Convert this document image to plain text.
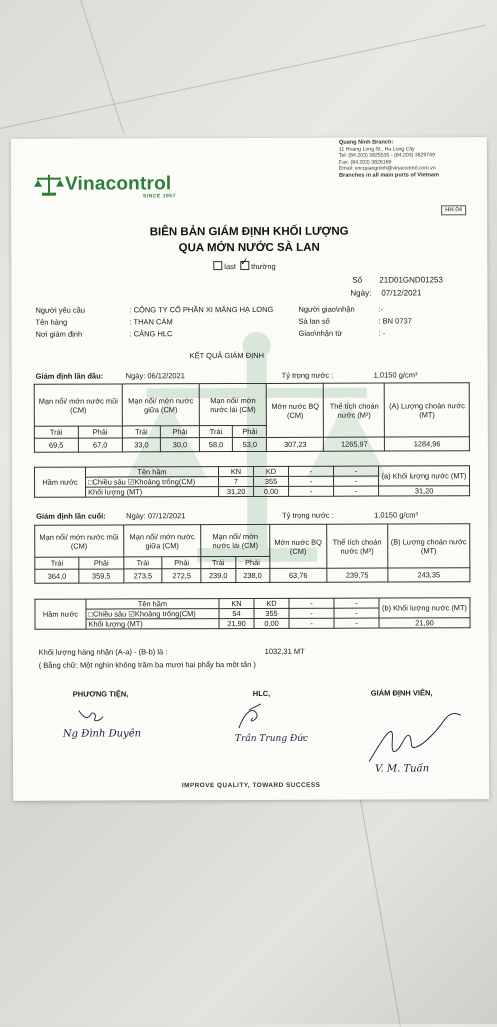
Vinacontrol
SINCE 1957
Quang Ninh Branch:
11 Hoang Long St., Ha Long City
Tel: (84.203) 3825535 - (84.203) 3629749
Fax: (84.203) 3826169
Email: vncquangninh@vinacontrol.com.vn
Branches in all main ports of Vietnam
HH.04
BIÊN BẢN GIÁM ĐỊNH KHỐI LƯỢNG
QUA MỚN NƯỚC SÀ LAN
last ✓ thường
Số 21D01GND01253
Ngày: 07/12/2021
Người yêu cầu	: CÔNG TY CỔ PHẦN XI MĂNG HẠ LONG	Người giao\nhận	:-
Tên hàng	: THAN CÁM	Sà lan số	: BN 0737
Nơi giám định	: CẢNG HLC	Giao\nhận từ	: -
KẾT QUẢ GIÁM ĐỊNH
Giám định lần đầu:	Ngày: 06/12/2021	Tỷ trọng nước :	1,0150 g/cm³
Mạn nổi/ mớn nước mũi (CM)		Mạn nổi/ mớn nước giữa (CM)		Mạn nổi/ mớn nước lái (CM)		Mớn nước BQ (CM)	Thể tích choán nước (M³)	(A) Lượng choán nước (MT)
Trái	Phải	Trái	Phải	Trái	Phải			
69,5	67,0	33,0	30,0	58,0	53,0	307,23	1265,97	1284,96
Hầm nước	Tên hầm	KN	KD	-	-	(a) Khối lượng nước (MT)
	□Chiều sâu ☑Khoảng trống(CM)	7	355	-	-	
	Khối lượng (MT)	31,20	0,00	-	-	31,20
Giám định lần cuối:	Ngày: 07/12/2021	Tỷ trọng nước :	1,0150 g/cm³
Mạn nổi/ mớn nước mũi (CM)		Mạn nổi/ mớn nước giữa (CM)		Mạn nổi/ mớn nước lái (CM)		Mớn nước BQ (CM)	Thể tích choán nước (M³)	(B) Lượng choán nước (MT)
Trái	Phải	Trái	Phải	Trái	Phải			
364,0	359,5	273,5	272,5	239,0	238,0	63,76	239,75	243,35
Hầm nước	Tên hầm	KN	KD	-	-	(b) Khối lượng nước (MT)
	□Chiều sâu ☑Khoảng trống(CM)	54	355	-	-	
	Khối lượng (MT)	21,90	0,00	-	-	21,90
Khối lượng hàng nhận (A-a) - (B-b) là :	1032,31 MT
( Bằng chữ: Một nghìn không trăm ba mươi hai phẩy ba một tấn )
PHƯƠNG TIỆN,	HLC,	GIÁM ĐỊNH VIÊN,
Ng Đình Duyên	Trần Trung Đức
V. M. Tuấn
IMPROVE QUALITY, TOWARD SUCCESS
